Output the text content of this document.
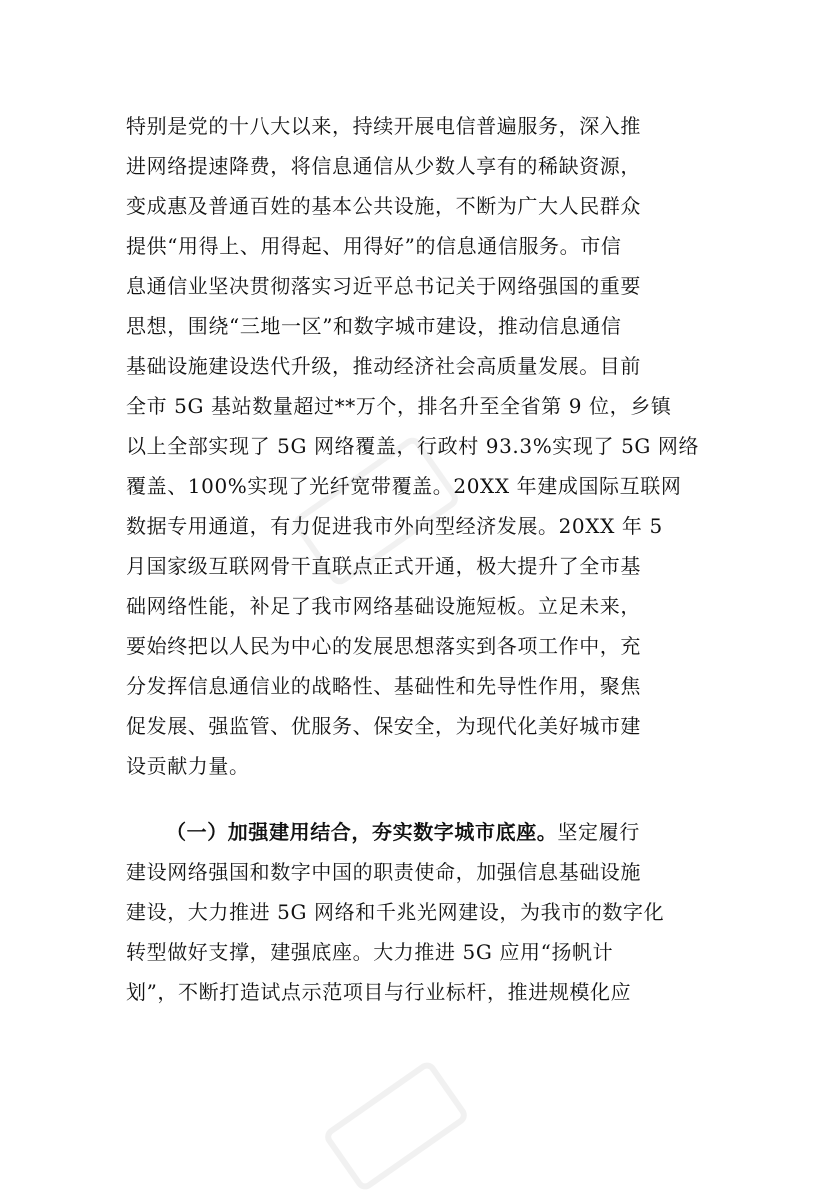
特别是党的十八大以来，持续开展电信普遍服务，深入推
进网络提速降费，将信息通信从少数人享有的稀缺资源，
变成惠及普通百姓的基本公共设施，不断为广大人民群众
提供“用得上、用得起、用得好”的信息通信服务。市信
息通信业坚决贯彻落实习近平总书记关于网络强国的重要
思想，围绕“三地一区”和数字城市建设，推动信息通信
基础设施建设迭代升级，推动经济社会高质量发展。目前
全市 5G 基站数量超过**万个，排名升至全省第 9 位，乡镇
以上全部实现了 5G 网络覆盖，行政村 93.3%实现了 5G 网络
覆盖、100%实现了光纤宽带覆盖。20XX 年建成国际互联网
数据专用通道，有力促进我市外向型经济发展。20XX 年 5
月国家级互联网骨干直联点正式开通，极大提升了全市基
础网络性能，补足了我市网络基础设施短板。立足未来，
要始终把以人民为中心的发展思想落实到各项工作中，充
分发挥信息通信业的战略性、基础性和先导性作用，聚焦
促发展、强监管、优服务、保安全，为现代化美好城市建
设贡献力量。
（一）加强建用结合，夯实数字城市底座。坚定履行
建设网络强国和数字中国的职责使命，加强信息基础设施
建设，大力推进 5G 网络和千兆光网建设，为我市的数字化
转型做好支撑，建强底座。大力推进 5G 应用“扬帆计
划”，不断打造试点示范项目与行业标杆，推进规模化应
